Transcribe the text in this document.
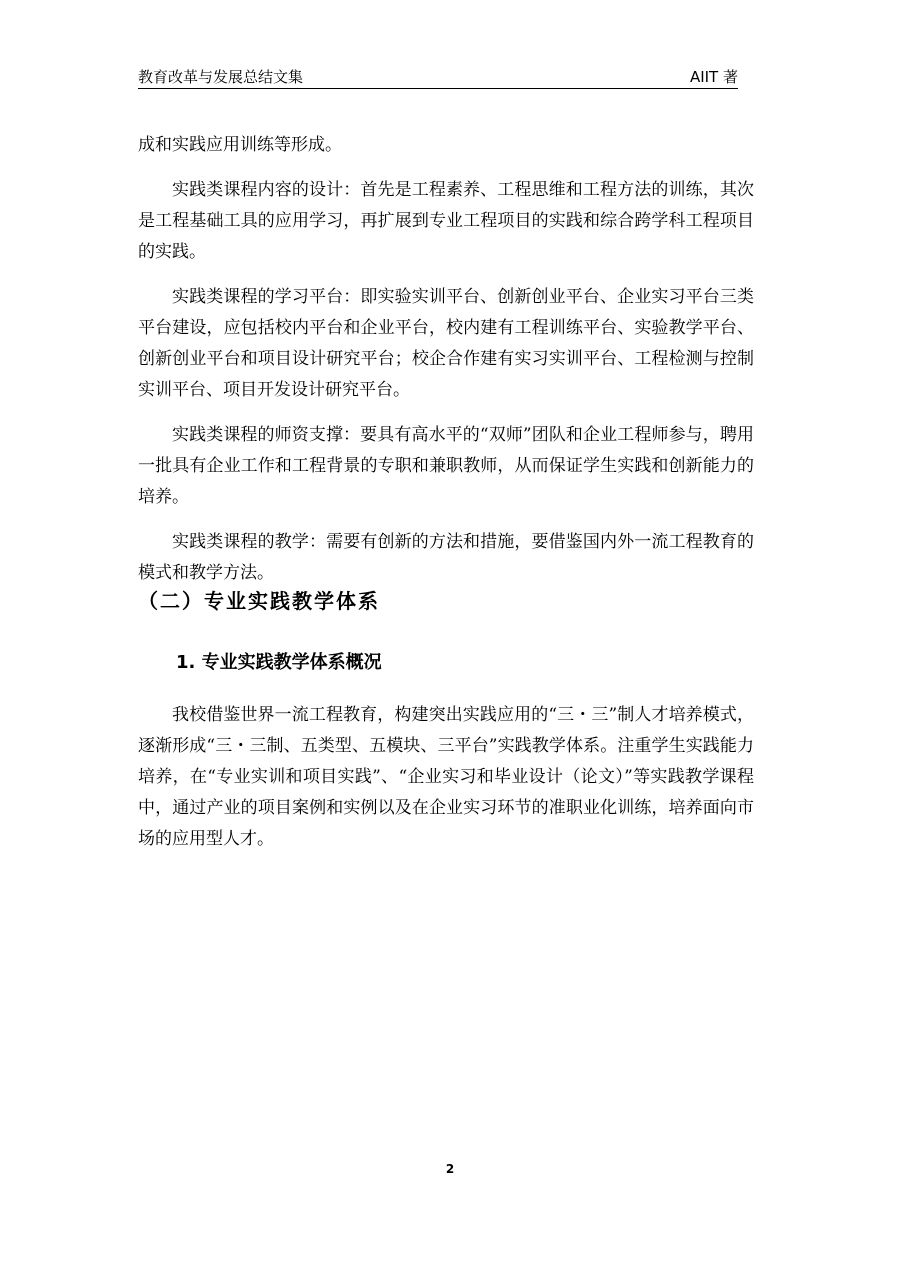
教育改革与发展总结文集	AIIT 著

成和实践应用训练等形成。

实践类课程内容的设计：首先是工程素养、工程思维和工程方法的训练，其次是工程基础工具的应用学习，再扩展到专业工程项目的实践和综合跨学科工程项目的实践。

实践类课程的学习平台：即实验实训平台、创新创业平台、企业实习平台三类平台建设，应包括校内平台和企业平台，校内建有工程训练平台、实验教学平台、创新创业平台和项目设计研究平台；校企合作建有实习实训平台、工程检测与控制实训平台、项目开发设计研究平台。

实践类课程的师资支撑：要具有高水平的“双师”团队和企业工程师参与，聘用一批具有企业工作和工程背景的专职和兼职教师，从而保证学生实践和创新能力的培养。

实践类课程的教学：需要有创新的方法和措施，要借鉴国内外一流工程教育的模式和教学方法。

（二）专业实践教学体系
1. 专业实践教学体系概况

我校借鉴世界一流工程教育，构建突出实践应用的“三・三”制人才培养模式，逐渐形成“三・三制、五类型、五模块、三平台”实践教学体系。注重学生实践能力培养，在“专业实训和项目实践”、“企业实习和毕业设计（论文）”等实践教学课程中，通过产业的项目案例和实例以及在企业实习环节的准职业化训练，培养面向市场的应用型人才。

2
